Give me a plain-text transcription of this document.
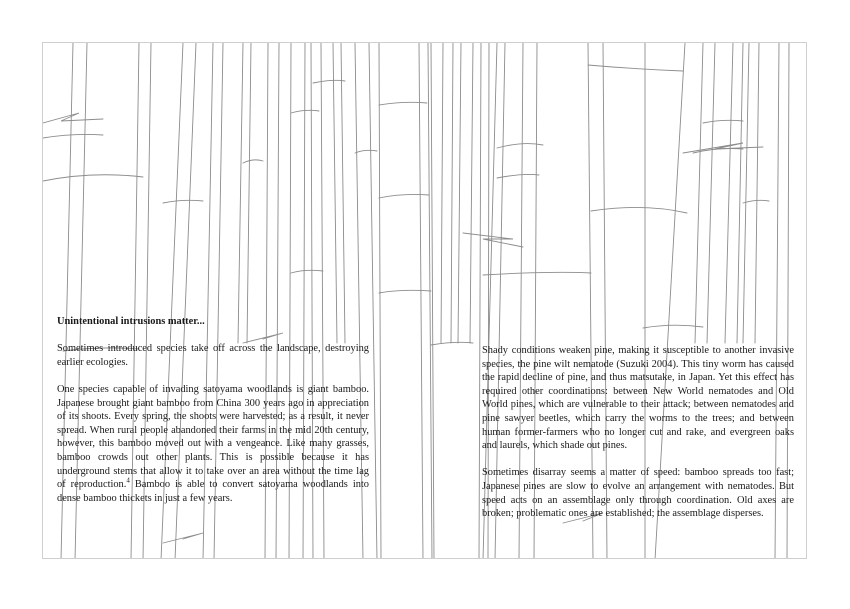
Unintentional intrusions matter...

Sometimes introduced species take off across the landscape, destroying earlier ecologies.

One species capable of invading satoyama woodlands is giant bamboo. Japanese brought giant bamboo from China 300 years ago in appreciation of its shoots. Every spring, the shoots were harvested; as a result, it never spread. When rural people abandoned their farms in the mid 20th century, however, this bamboo moved out with a vengeance. Like many grasses, bamboo crowds out other plants. This is possible because it has underground stems that allow it to take over an area without the time lag of reproduction.$^4$ Bamboo is able to convert satoyama woodlands into dense bamboo thickets in just a few years.

Shady conditions weaken pine, making it susceptible to another invasive species, the pine wilt nematode (Suzuki 2004). This tiny worm has caused the rapid decline of pine, and thus matsutake, in Japan. Yet this effect has required other coordinations: between New World nematodes and Old World pines, which are vulnerable to their attack; between nematodes and pine sawyer beetles, which carry the worms to the trees; and between human former-farmers who no longer cut and rake, and evergreen oaks and laurels, which shade out pines.

Sometimes disarray seems a matter of speed: bamboo spreads too fast; Japanese pines are slow to evolve an arrangement with nematodes. But speed acts on an assemblage only through coordination. Old axes are broken; problematic ones are established; the assemblage disperses.
